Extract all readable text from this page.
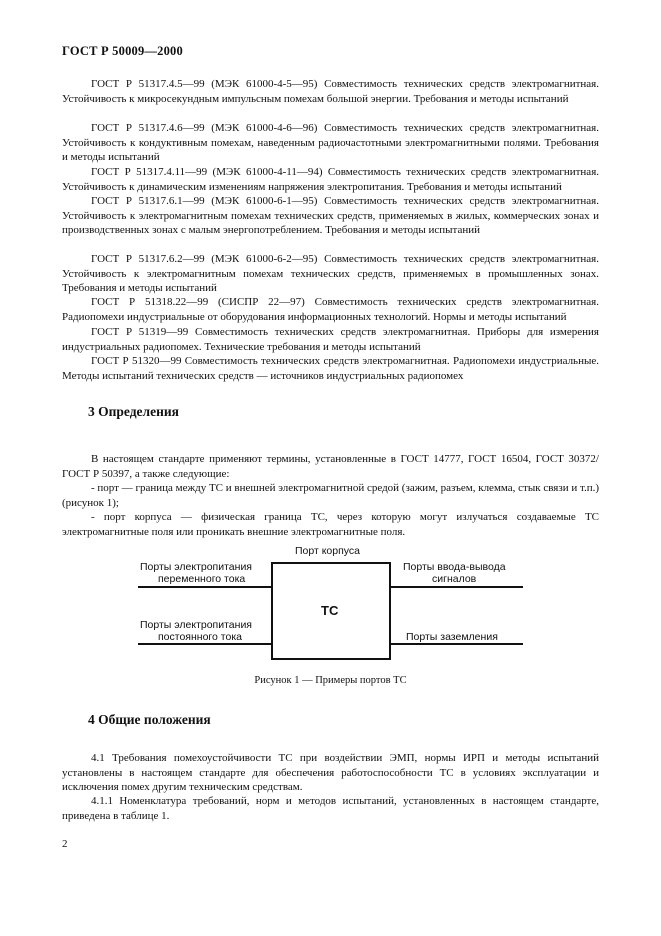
ГОСТ Р 50009—2000

ГОСТ Р 51317.4.5—99 (МЭК 61000-4-5—95) Совместимость технических средств электромагнитная. Устойчивость к микросекундным импульсным помехам большой энергии. Требования и методы испытаний

ГОСТ Р 51317.4.6—99 (МЭК 61000-4-6—96) Совместимость технических средств электромагнитная. Устойчивость к кондуктивным помехам, наведенным радиочастотными электромагнитными полями. Требования и методы испытаний

ГОСТ Р 51317.4.11—99 (МЭК 61000-4-11—94) Совместимость технических средств электромагнитная. Устойчивость к динамическим изменениям напряжения электропитания. Требования и методы испытаний

ГОСТ Р 51317.6.1—99 (МЭК 61000-6-1—95) Совместимость технических средств электромагнитная. Устойчивость к электромагнитным помехам технических средств, применяемых в жилых, коммерческих зонах и производственных зонах с малым энергопотреблением. Требования и методы испытаний

ГОСТ Р 51317.6.2—99 (МЭК 61000-6-2—95) Совместимость технических средств электромагнитная. Устойчивость к электромагнитным помехам технических средств, применяемых в промышленных зонах. Требования и методы испытаний

ГОСТ Р 51318.22—99 (СИСПР 22—97) Совместимость технических средств электромагнитная. Радиопомехи индустриальные от оборудования информационных технологий. Нормы и методы испытаний

ГОСТ Р 51319—99 Совместимость технических средств электромагнитная. Приборы для измерения индустриальных радиопомех. Технические требования и методы испытаний

ГОСТ Р 51320—99 Совместимость технических средств электромагнитная. Радиопомехи индустриальные. Методы испытаний технических средств — источников индустриальных радиопомех

3 Определения

В настоящем стандарте применяют термины, установленные в ГОСТ 14777, ГОСТ 16504, ГОСТ 30372/ГОСТ Р 50397, а также следующие:

- порт — граница между ТС и внешней электромагнитной средой (зажим, разъем, клемма, стык связи и т.п.) (рисунок 1);

- порт корпуса — физическая граница ТС, через которую могут излучаться создаваемые ТС электромагнитные поля или проникать внешние электромагнитные поля.

Порт корпуса
ТС
Порты электропитания
переменного тока
Порты электропитания
постоянного тока
Порты ввода-вывода
сигналов
Порты заземления
Рисунок 1 — Примеры портов ТС
4 Общие положения

4.1 Требования помехоустойчивости ТС при воздействии ЭМП, нормы ИРП и методы испытаний установлены в настоящем стандарте для обеспечения работоспособности ТС в условиях эксплуатации и исключения помех другим техническим средствам.

4.1.1 Номенклатура требований, норм и методов испытаний, установленных в настоящем стандарте, приведена в таблице 1.

2
